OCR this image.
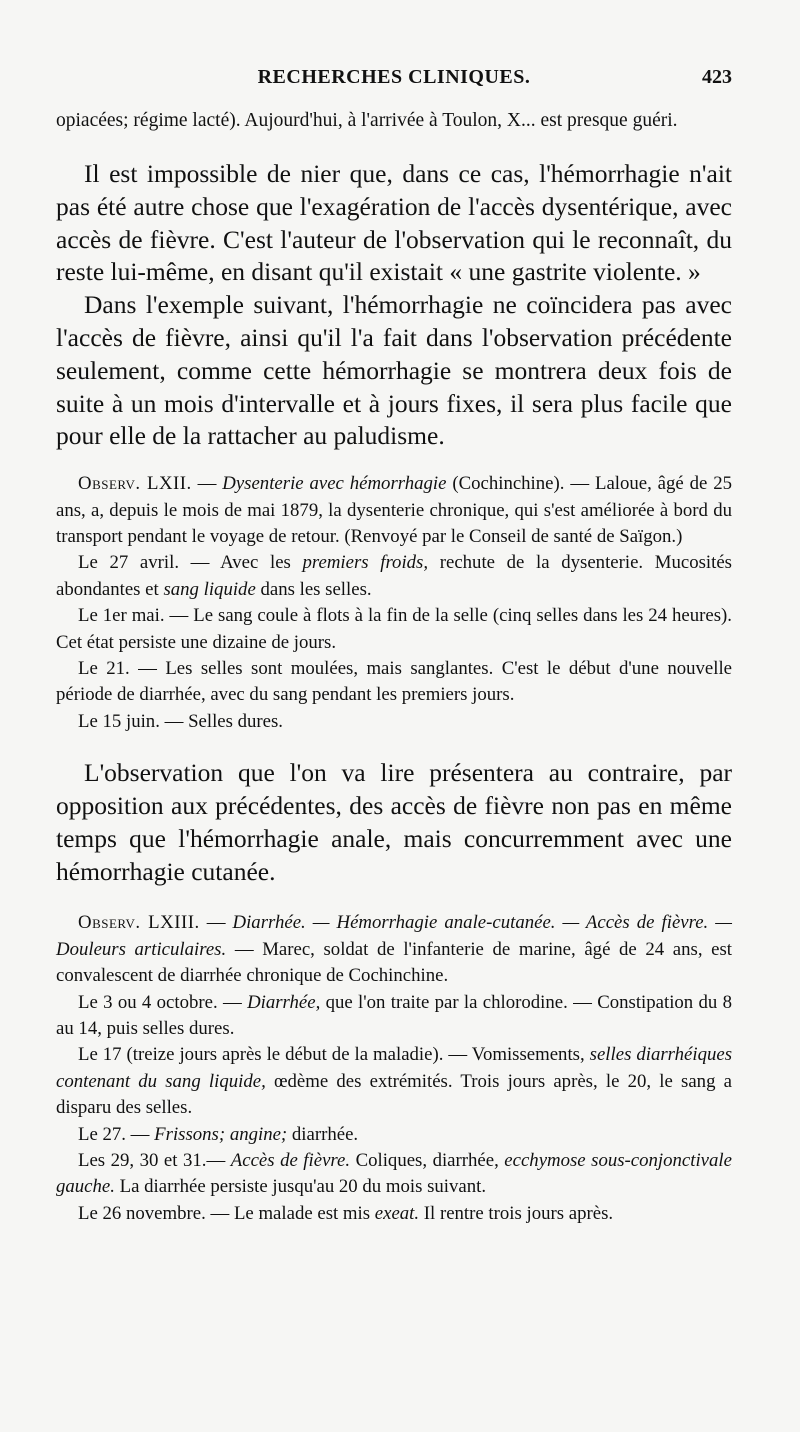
RECHERCHES CLINIQUES.	423

opiacées; régime lacté). Aujourd'hui, à l'arrivée à Toulon, X... est presque guéri.

Il est impossible de nier que, dans ce cas, l'hémorrhagie n'ait pas été autre chose que l'exagération de l'accès dysentérique, avec accès de fièvre. C'est l'auteur de l'observation qui le reconnaît, du reste lui-même, en disant qu'il existait « une gastrite violente. »

Dans l'exemple suivant, l'hémorrhagie ne coïncidera pas avec l'accès de fièvre, ainsi qu'il l'a fait dans l'observation précédente seulement, comme cette hémorrhagie se montrera deux fois de suite à un mois d'intervalle et à jours fixes, il sera plus facile que pour elle de la rattacher au paludisme.

Observ. LXII. — Dysenterie avec hémorrhagie (Cochinchine). — Laloue, âgé de 25 ans, a, depuis le mois de mai 1879, la dysenterie chronique, qui s'est améliorée à bord du transport pendant le voyage de retour. (Renvoyé par le Conseil de santé de Saïgon.)

Le 27 avril. — Avec les premiers froids, rechute de la dysenterie. Mucosités abondantes et sang liquide dans les selles.

Le 1er mai. — Le sang coule à flots à la fin de la selle (cinq selles dans les 24 heures). Cet état persiste une dizaine de jours.

Le 21. — Les selles sont moulées, mais sanglantes. C'est le début d'une nouvelle période de diarrhée, avec du sang pendant les premiers jours.

Le 15 juin. — Selles dures.

L'observation que l'on va lire présentera au contraire, par opposition aux précédentes, des accès de fièvre non pas en même temps que l'hémorrhagie anale, mais concurremment avec une hémorrhagie cutanée.

Observ. LXIII. — Diarrhée. — Hémorrhagie anale-cutanée. — Accès de fièvre. — Douleurs articulaires. — Marec, soldat de l'infanterie de marine, âgé de 24 ans, est convalescent de diarrhée chronique de Cochinchine.

Le 3 ou 4 octobre. — Diarrhée, que l'on traite par la chlorodine. — Constipation du 8 au 14, puis selles dures.

Le 17 (treize jours après le début de la maladie). — Vomissements, selles diarrhéiques contenant du sang liquide, œdème des extrémités. Trois jours après, le 20, le sang a disparu des selles.

Le 27. — Frissons; angine; diarrhée.

Les 29, 30 et 31.— Accès de fièvre. Coliques, diarrhée, ecchymose sous-conjonctivale gauche. La diarrhée persiste jusqu'au 20 du mois suivant.

Le 26 novembre. — Le malade est mis exeat. Il rentre trois jours après.
